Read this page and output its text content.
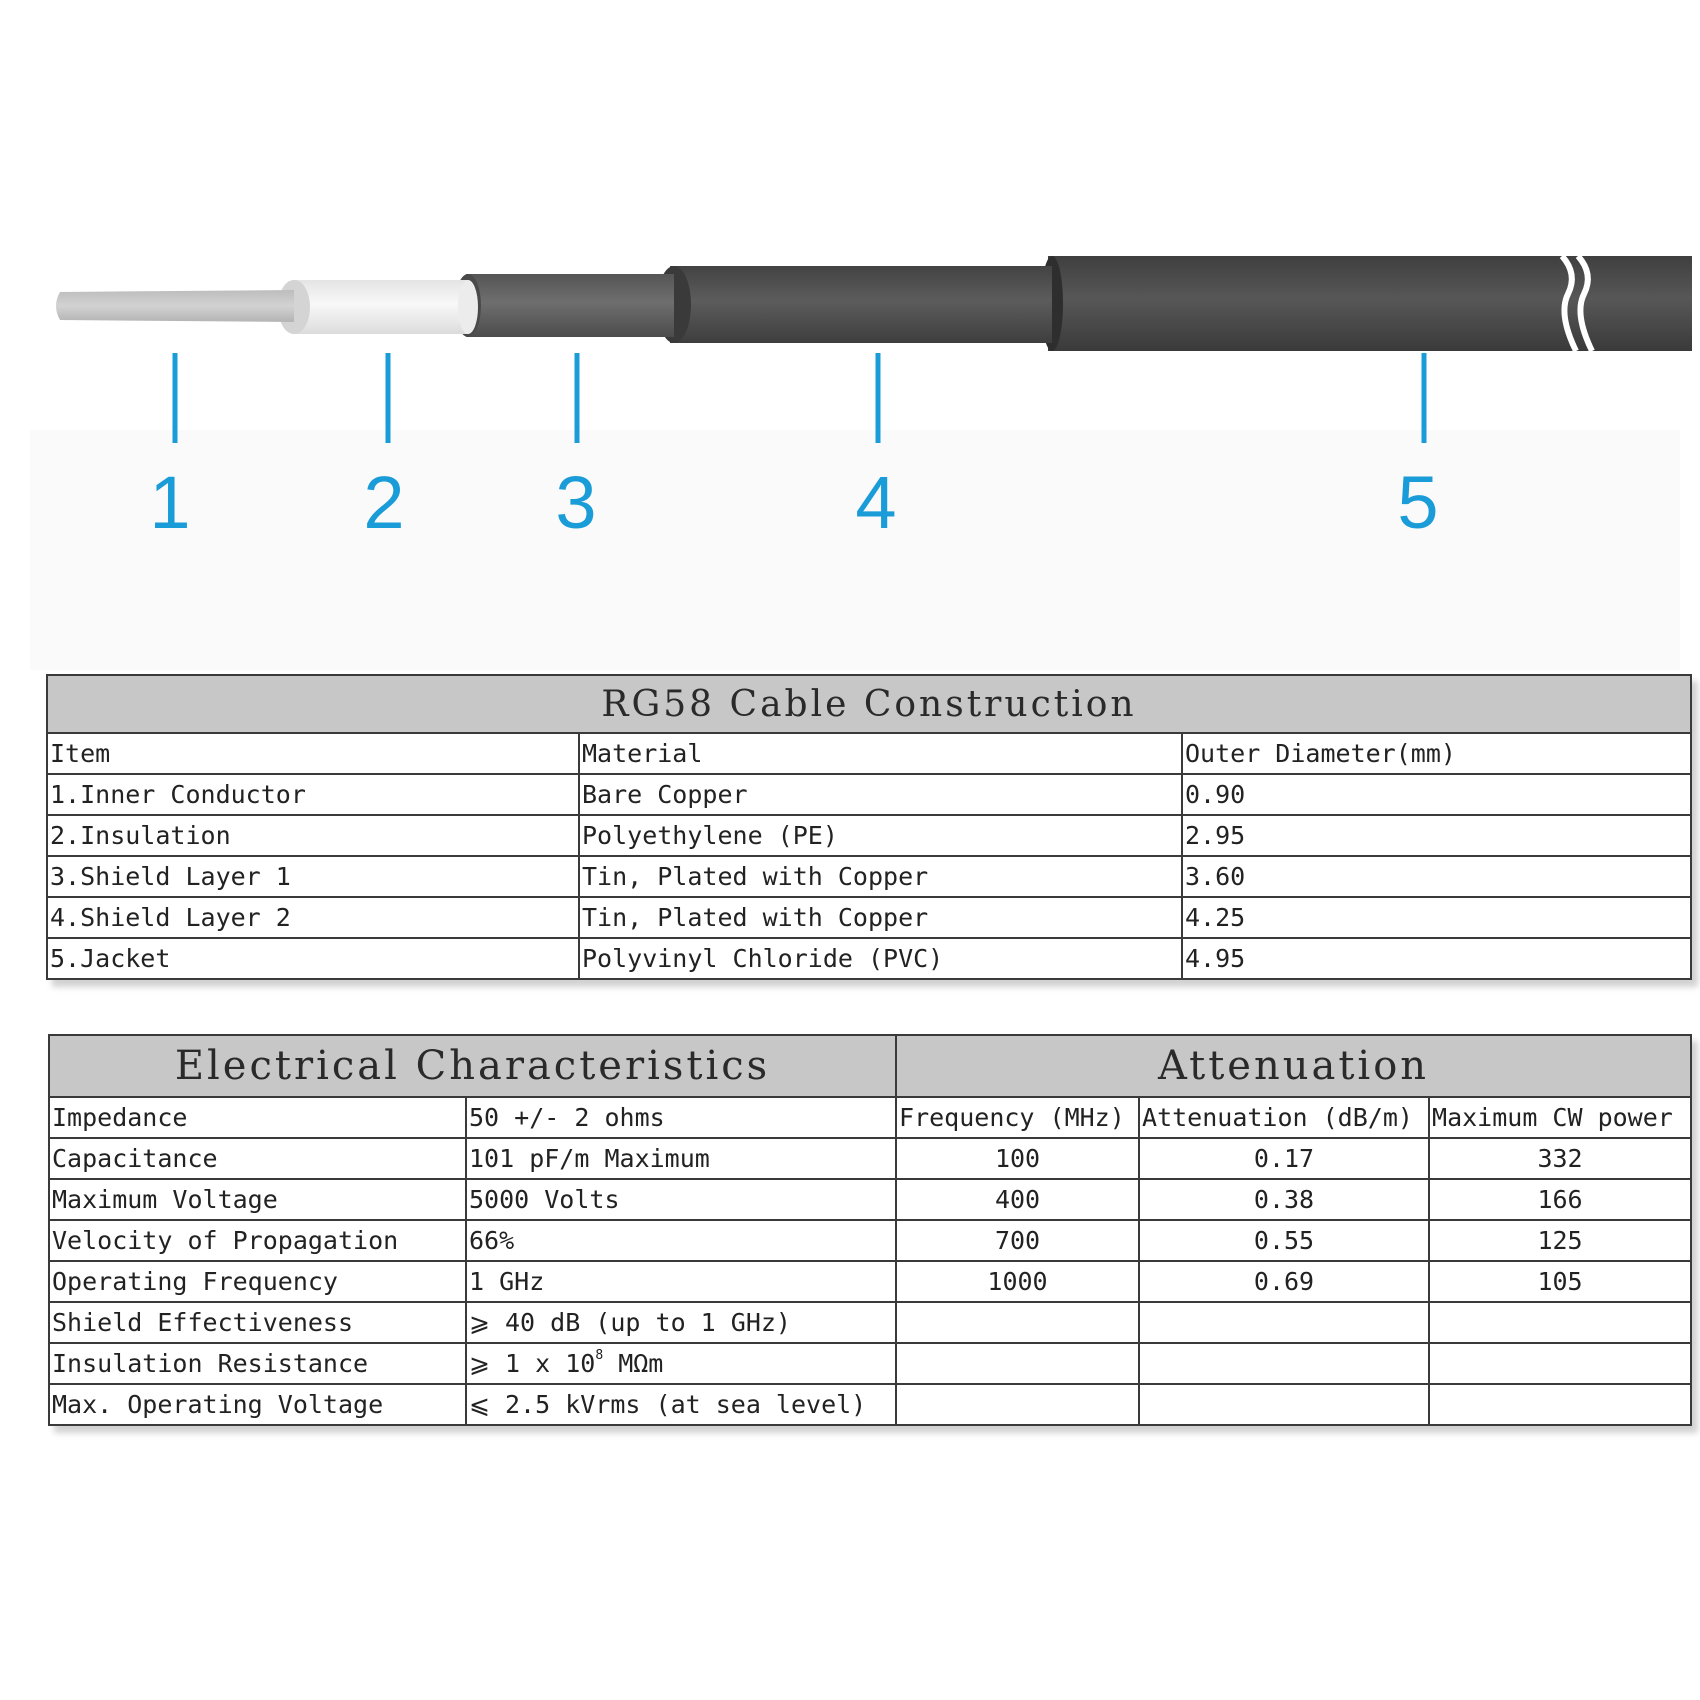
1 2 3	4	5
RG58 Cable Construction		
Item	Material	Outer Diameter(mm)
1.Inner Conductor	Bare Copper	0.90
2.Insulation	Polyethylene (PE)	2.95
3.Shield Layer 1	Tin, Plated with Copper	3.60
4.Shield Layer 2	Tin, Plated with Copper	4.25
5.Jacket	Polyvinyl Chloride (PVC)	4.95
Electrical Characteristics		Attenuation		
Impedance	50 +/- 2 ohms	Frequency (MHz)	Attenuation (dB/m)	Maximum CW power
Capacitance	101 pF/m Maximum	100	0.17	332
Maximum Voltage	5000 Volts	400	0.38	166
Velocity of Propagation	66%	700	0.55	125
Operating Frequency	1 GHz	1000	0.69	105
Shield Effectiveness	⩾ 40 dB (up to 1 GHz)			
Insulation Resistance	⩾ 1 x $10^8$ MΩm			
Max. Operating Voltage	⩽ 2.5 kVrms (at sea level)			
